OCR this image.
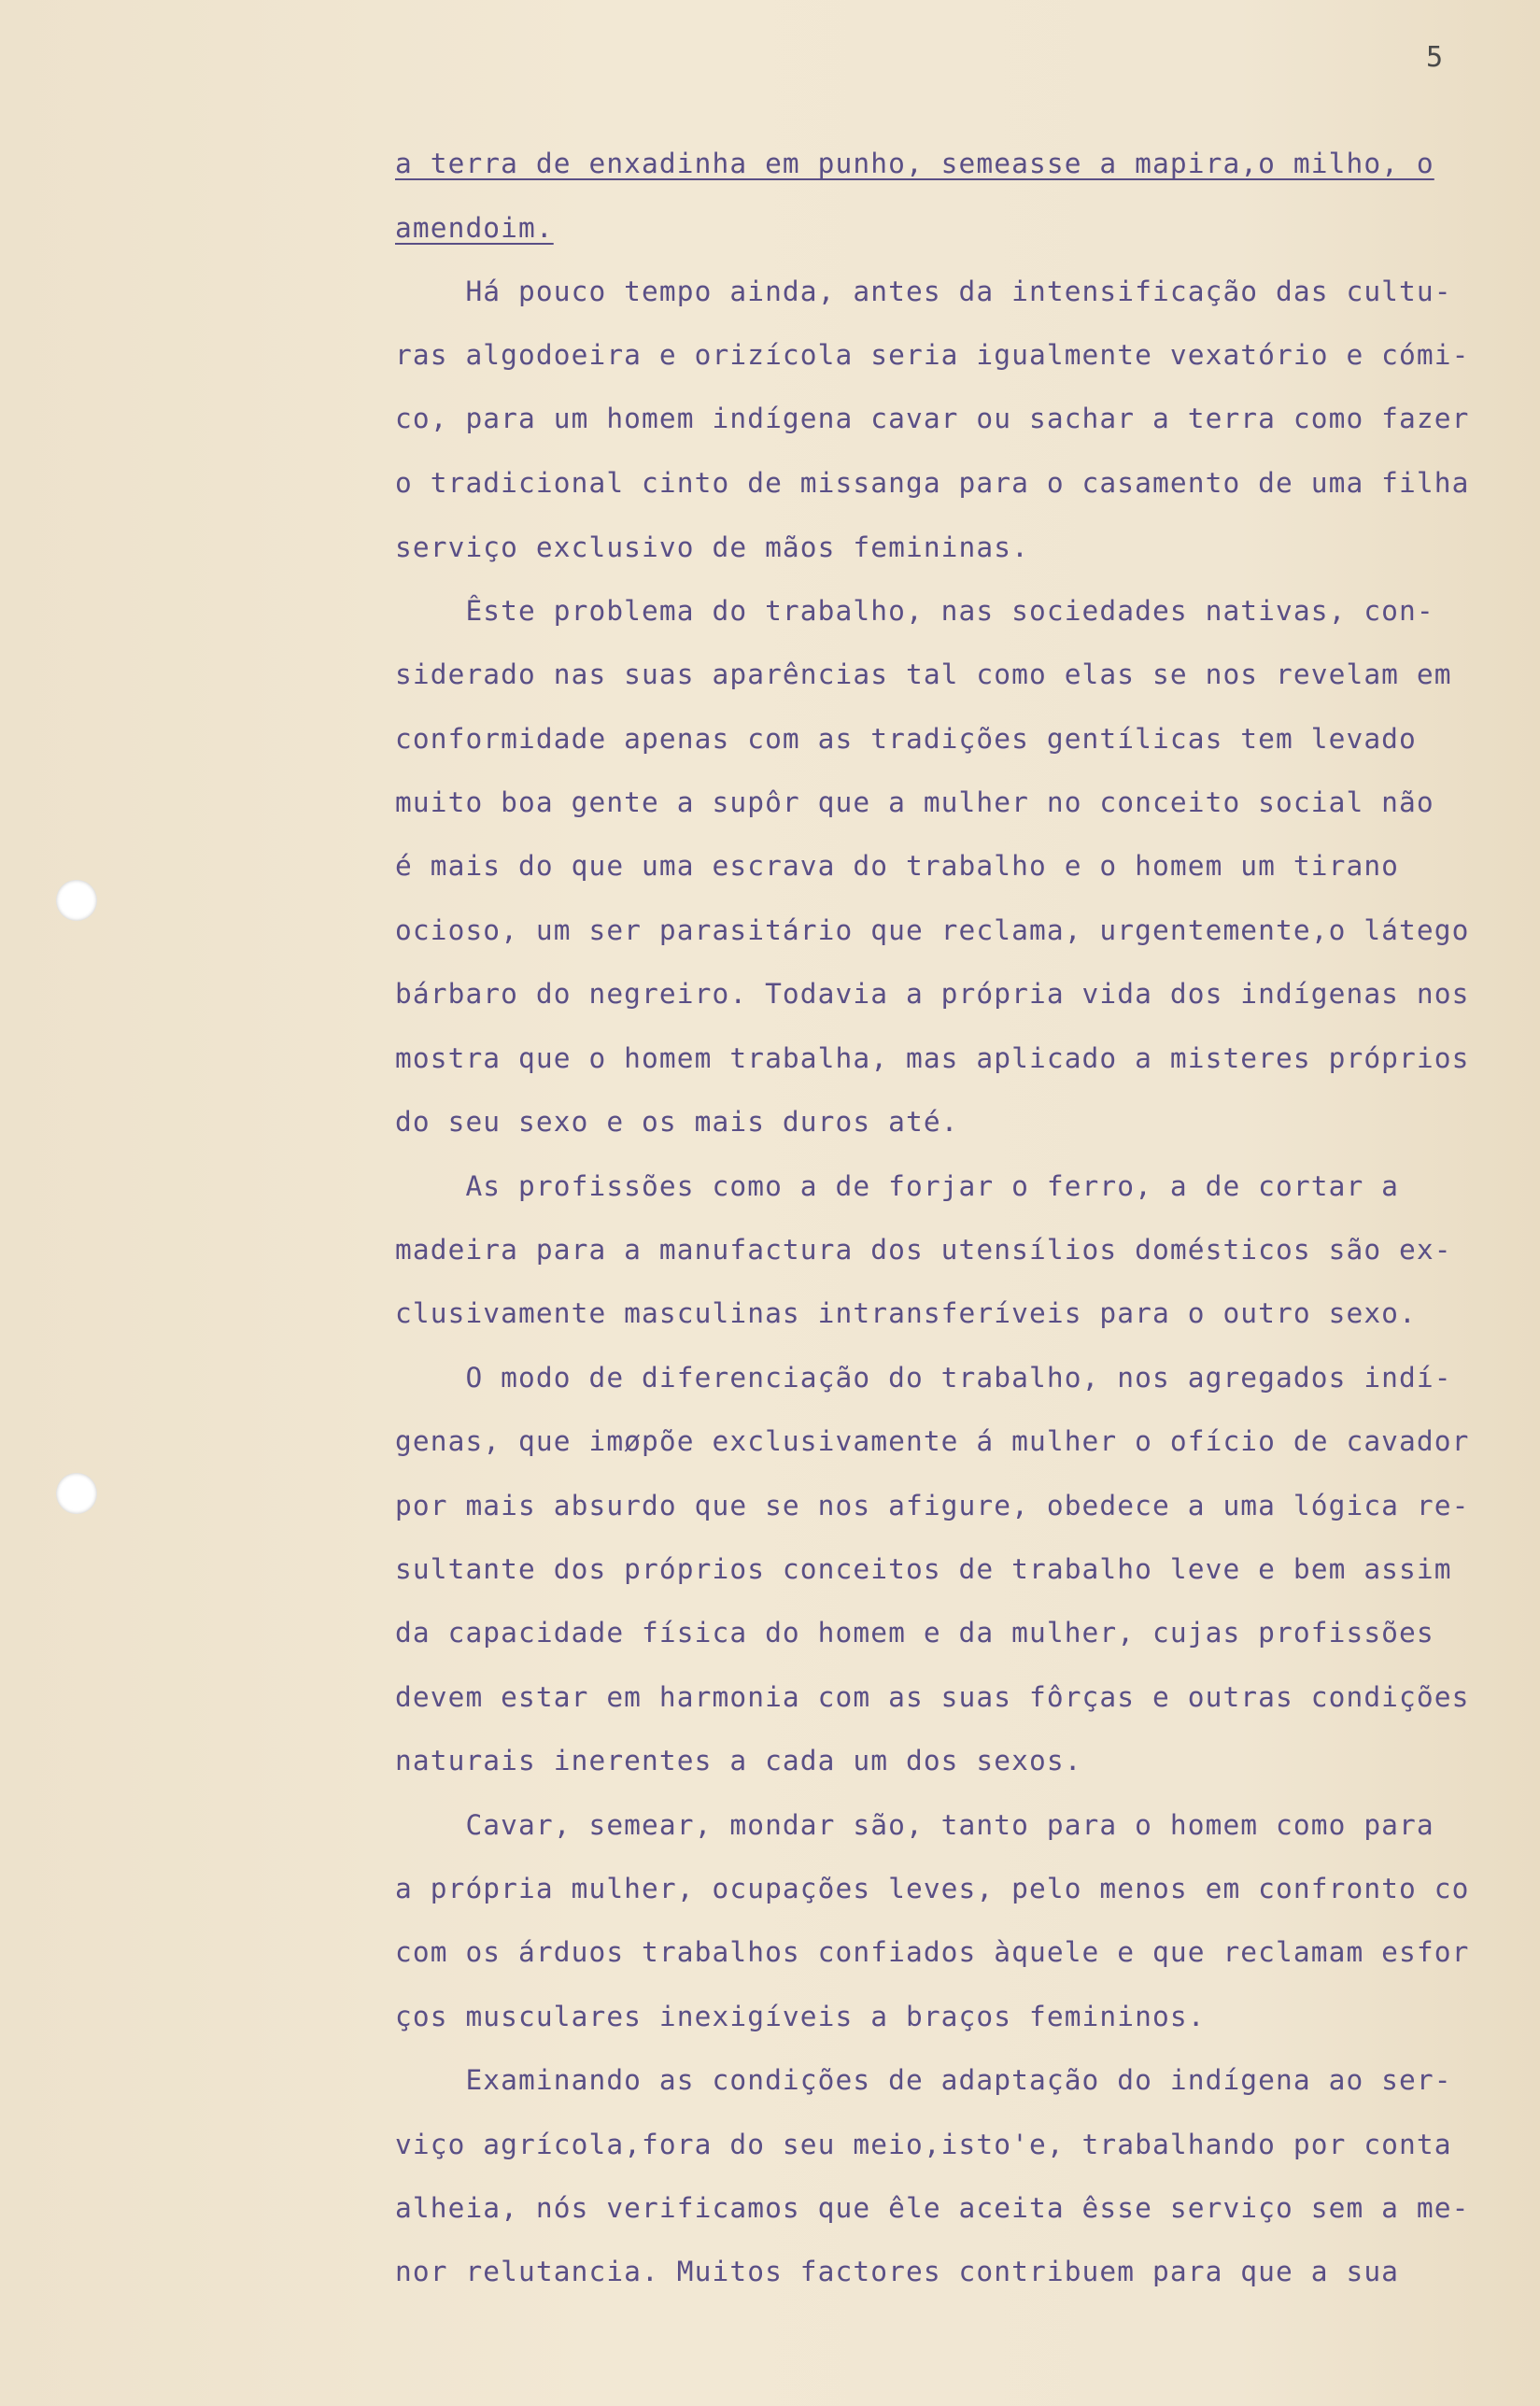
5
a terra de enxadinha em punho, semeasse a mapira,o milho, o
amendoim.
Há pouco tempo ainda, antes da intensificação das cultu-
ras algodoeira e orizícola seria igualmente vexatório e cómi-
co, para um homem indígena cavar ou sachar a terra como fazer
o tradicional cinto de missanga para o casamento de uma filha
serviço exclusivo de mãos femininas.
Êste problema do trabalho, nas sociedades nativas, con-
siderado nas suas aparências tal como elas se nos revelam em
conformidade apenas com as tradições gentílicas tem levado
muito boa gente a supôr que a mulher no conceito social não
é mais do que uma escrava do trabalho e o homem um tirano
ocioso, um ser parasitário que reclama, urgentemente,o látego
bárbaro do negreiro. Todavia a própria vida dos indígenas nos
mostra que o homem trabalha, mas aplicado a misteres próprios
do seu sexo e os mais duros até.
As profissões como a de forjar o ferro, a de cortar a
madeira para a manufactura dos utensílios domésticos são ex-
clusivamente masculinas intransferíveis para o outro sexo.
O modo de diferenciação do trabalho, nos agregados indí-
genas, que imøpõe exclusivamente á mulher o ofício de cavador
por mais absurdo que se nos afigure, obedece a uma lógica re-
sultante dos próprios conceitos de trabalho leve e bem assim
da capacidade física do homem e da mulher, cujas profissões
devem estar em harmonia com as suas fôrças e outras condições
naturais inerentes a cada um dos sexos.
Cavar, semear, mondar são, tanto para o homem como para
a própria mulher, ocupações leves, pelo menos em confronto co
com os árduos trabalhos confiados àquele e que reclamam esfor
ços musculares inexigíveis a braços femininos.
Examinando as condições de adaptação do indígena ao ser-
viço agrícola,fora do seu meio,isto'e, trabalhando por conta
alheia, nós verificamos que êle aceita êsse serviço sem a me-
nor relutancia. Muitos factores contribuem para que a sua
